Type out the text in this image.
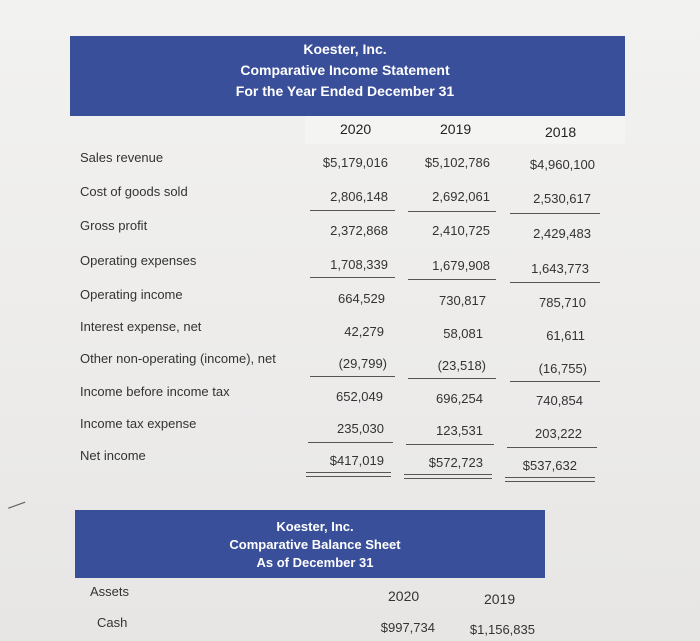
Koester, Inc.
Comparative Income Statement
For the Year Ended December 31
2020	2019	2018
Sales revenue	$5,179,016	$5,102,786	$4,960,100
Cost of goods sold	2,806,148	2,692,061	2,530,617
Gross profit	2,372,868	2,410,725	2,429,483
Operating expenses	1,708,339	1,679,908	1,643,773
Operating income	664,529	730,817	785,710
Interest expense, net	42,279	58,081	61,611
Other non-operating (income), net	(29,799)	(23,518)	(16,755)
Income before income tax	652,049	696,254	740,854
Income tax expense	235,030	123,531	203,222
Net income	$417,019	$572,723	$537,632
Koester, Inc.
Comparative Balance Sheet
As of December 31
Assets	2020	2019
Cash	$997,734	$1,156,835
